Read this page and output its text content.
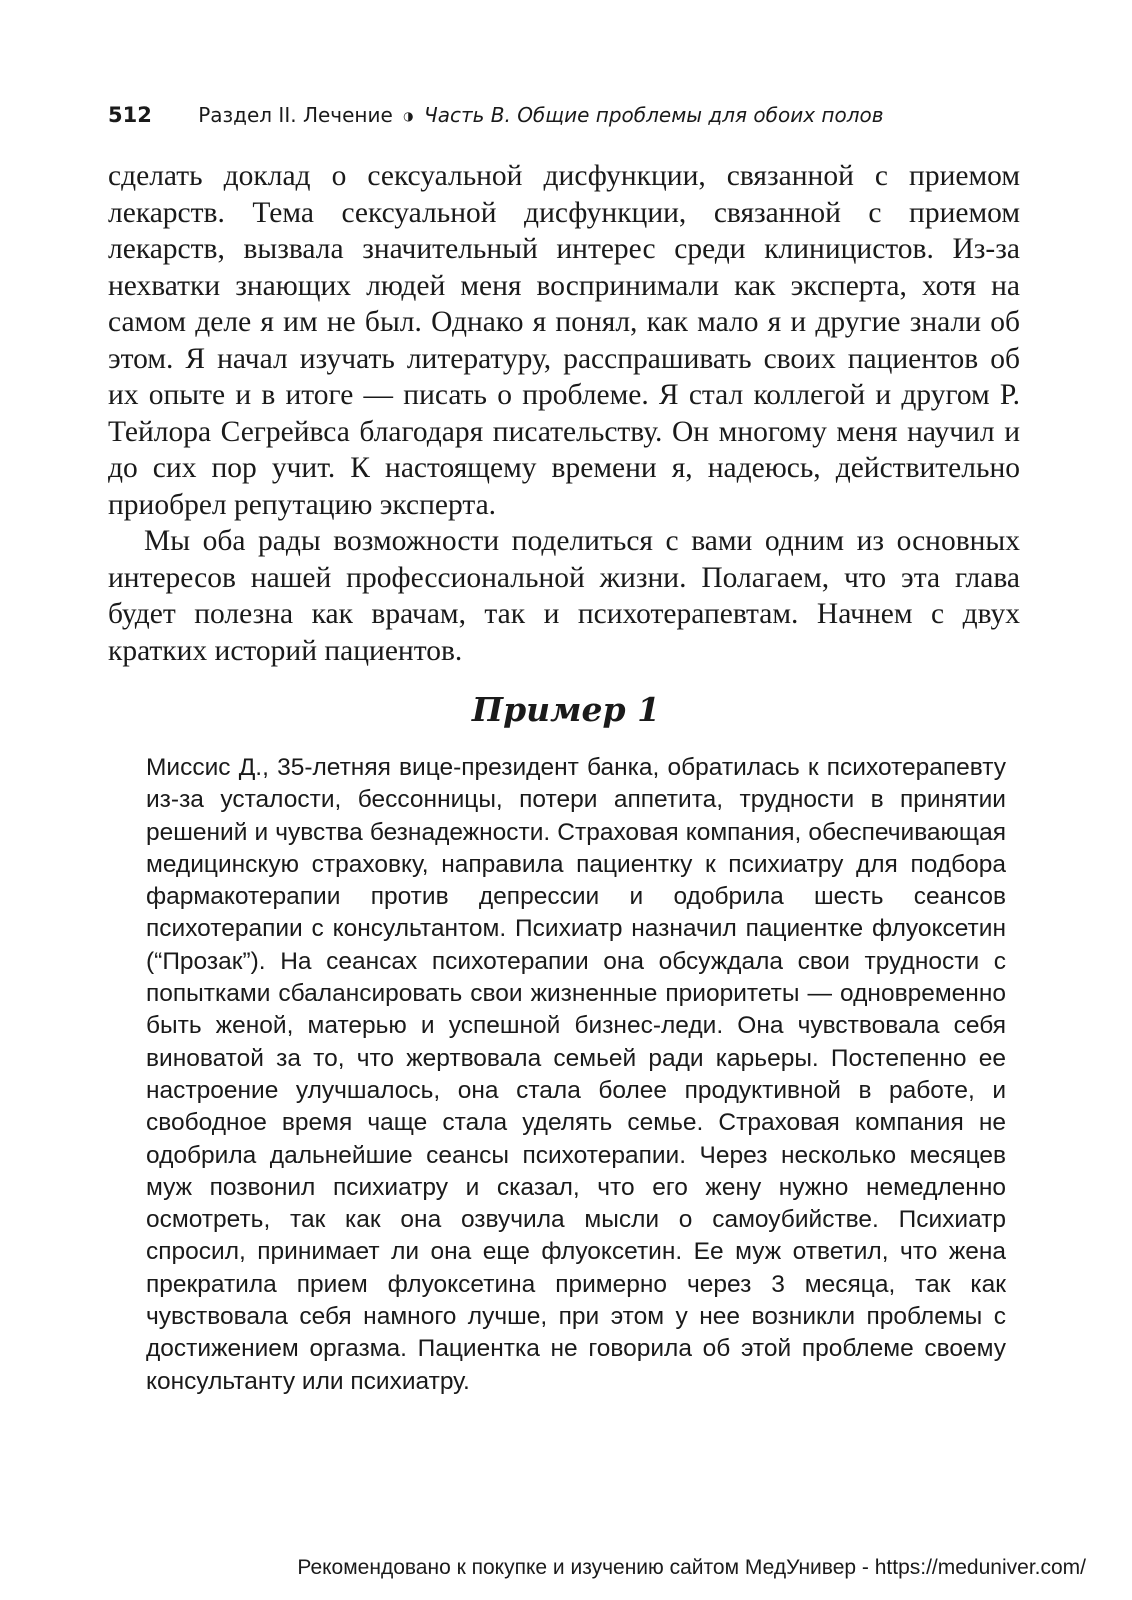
512 Раздел II. Лечение ◑ Часть В. Общие проблемы для обоих полов

сделать доклад о сексуальной дисфункции, связанной с приемом лекарств. Тема сексуальной дисфункции, связанной с приемом лекарств, вызвала значительный интерес среди клиницистов. Из-за нехватки знающих людей меня воспринимали как эксперта, хотя на самом деле я им не был. Однако я понял, как мало я и другие знали об этом. Я начал изучать литературу, расспрашивать своих пациентов об их опыте и в итоге — писать о проблеме. Я стал коллегой и другом Р. Тейлора Сегрейвса благодаря писательству. Он многому меня научил и до сих пор учит. К настоящему времени я, надеюсь, действительно приобрел репутацию эксперта.

Мы оба рады возможности поделиться с вами одним из основных интересов нашей профессиональной жизни. Полагаем, что эта глава будет полезна как врачам, так и психотерапевтам. Начнем с двух кратких историй пациентов.

Пример 1

Миссис Д., 35-летняя вице-президент банка, обратилась к психотерапевту из-за усталости, бессонницы, потери аппетита, трудности в принятии решений и чувства безнадежности. Страховая компания, обеспечивающая медицинскую страховку, направила пациентку к психиатру для подбора фармакотерапии против депрессии и одобрила шесть сеансов психотерапии с консультантом. Психиатр назначил пациентке флуоксетин (“Прозак”). На сеансах психотерапии она обсуждала свои трудности с попытками сбалансировать свои жизненные приоритеты — одновременно быть женой, матерью и успешной бизнес-леди. Она чувствовала себя виноватой за то, что жертвовала семьей ради карьеры. Постепенно ее настроение улучшалось, она стала более продуктивной в работе, и свободное время чаще стала уделять семье. Страховая компания не одобрила дальнейшие сеансы психотерапии. Через несколько месяцев муж позвонил психиатру и сказал, что его жену нужно немедленно осмотреть, так как она озвучила мысли о самоубийстве. Психиатр спросил, принимает ли она еще флуоксетин. Ее муж ответил, что жена прекратила прием флуоксетина примерно через 3 месяца, так как чувствовала себя намного лучше, при этом у нее возникли проблемы с достижением оргазма. Пациентка не говорила об этой проблеме своему консультанту или психиатру.

Рекомендовано к покупке и изучению сайтом МедУнивер - https://meduniver.com/
